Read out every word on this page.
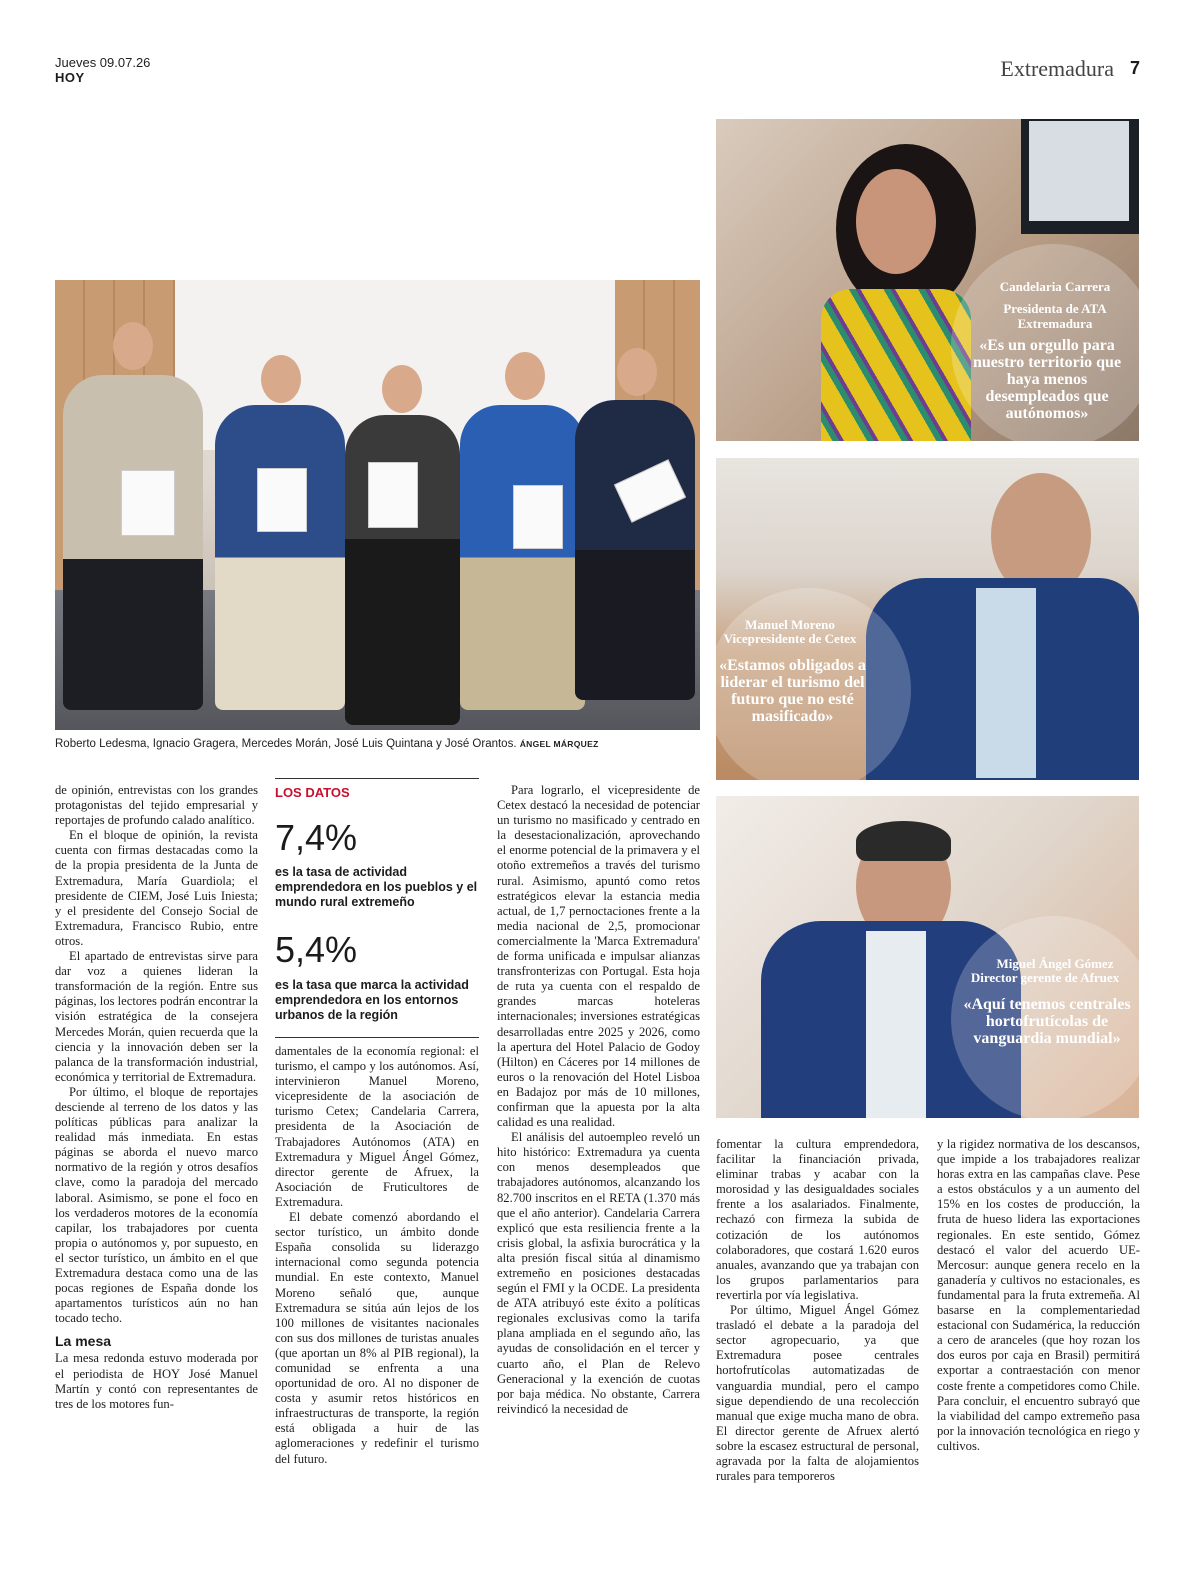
Jueves 09.07.26
HOY	Extremadura 7
Roberto Ledesma, Ignacio Gragera, Mercedes Morán, José Luis Quintana y José Orantos. ÁNGEL MÁRQUEZ
Candelaria Carrera
Presidenta de ATA Extremadura
«Es un orgullo para nuestro territorio que haya menos desempleados que autónomos»
Manuel Moreno
Vicepresidente de Cetex
«Estamos obligados a liderar el turismo del futuro que no esté masificado»
Miguel Ángel Gómez
Director gerente de Afruex
«Aquí tenemos centrales hortofrutícolas de vanguardia mundial»
LOS DATOS
7,4%
es la tasa de actividad emprendedora en los pueblos y el mundo rural extremeño
5,4%
es la tasa que marca la actividad emprendedora en los entornos urbanos de la región

de opinión, entrevistas con los grandes protagonistas del tejido empresarial y reportajes de profundo calado analítico.

En el bloque de opinión, la revista cuenta con firmas destacadas como la de la propia presidenta de la Junta de Extremadura, María Guardiola; el presidente de CIEM, José Luis Iniesta; y el presidente del Consejo Social de Extremadura, Francisco Rubio, entre otros.

El apartado de entrevistas sirve para dar voz a quienes lideran la transformación de la región. Entre sus páginas, los lectores podrán encontrar la visión estratégica de la consejera Mercedes Morán, quien recuerda que la ciencia y la innovación deben ser la palanca de la transformación industrial, económica y territorial de Extremadura.

Por último, el bloque de reportajes desciende al terreno de los datos y las políticas públicas para analizar la realidad más inmediata. En estas páginas se aborda el nuevo marco normativo de la región y otros desafíos clave, como la paradoja del mercado laboral. Asimismo, se pone el foco en los verdaderos motores de la economía capilar, los trabajadores por cuenta propia o autónomos y, por supuesto, en el sector turístico, un ámbito en el que Extremadura destaca como una de las pocas regiones de España donde los apartamentos turísticos aún no han tocado techo.

La mesa

La mesa redonda estuvo moderada por el periodista de HOY José Manuel Martín y contó con representantes de tres de los motores fun-

damentales de la economía regional: el turismo, el campo y los autónomos. Así, intervinieron Manuel Moreno, vicepresidente de la asociación de turismo Cetex; Candelaria Carrera, presidenta de la Asociación de Trabajadores Autónomos (ATA) en Extremadura y Miguel Ángel Gómez, director gerente de Afruex, la Asociación de Fruticultores de Extremadura.

El debate comenzó abordando el sector turístico, un ámbito donde España consolida su liderazgo internacional como segunda potencia mundial. En este contexto, Manuel Moreno señaló que, aunque Extremadura se sitúa aún lejos de los 100 millones de visitantes nacionales con sus dos millones de turistas anuales (que aportan un 8% al PIB regional), la comunidad se enfrenta a una oportunidad de oro. Al no disponer de costa y asumir retos históricos en infraestructuras de transporte, la región está obligada a huir de las aglomeraciones y redefinir el turismo del futuro.

Para lograrlo, el vicepresidente de Cetex destacó la necesidad de potenciar un turismo no masificado y centrado en la desestacionalización, aprovechando el enorme potencial de la primavera y el otoño extremeños a través del turismo rural. Asimismo, apuntó como retos estratégicos elevar la estancia media actual, de 1,7 pernoctaciones frente a la media nacional de 2,5, promocionar comercialmente la 'Marca Extremadura' de forma unificada e impulsar alianzas transfronterizas con Portugal. Esta hoja de ruta ya cuenta con el respaldo de grandes marcas hoteleras internacionales; inversiones estratégicas desarrolladas entre 2025 y 2026, como la apertura del Hotel Palacio de Godoy (Hilton) en Cáceres por 14 millones de euros o la renovación del Hotel Lisboa en Badajoz por más de 10 millones, confirman que la apuesta por la alta calidad es una realidad.

El análisis del autoempleo reveló un hito histórico: Extremadura ya cuenta con menos desempleados que trabajadores autónomos, alcanzando los 82.700 inscritos en el RETA (1.370 más que el año anterior). Candelaria Carrera explicó que esta resiliencia frente a la crisis global, la asfixia burocrática y la alta presión fiscal sitúa al dinamismo extremeño en posiciones destacadas según el FMI y la OCDE. La presidenta de ATA atribuyó este éxito a políticas regionales exclusivas como la tarifa plana ampliada en el segundo año, las ayudas de consolidación en el tercer y cuarto año, el Plan de Relevo Generacional y la exención de cuotas por baja médica. No obstante, Carrera reivindicó la necesidad de

fomentar la cultura emprendedora, facilitar la financiación privada, eliminar trabas y acabar con la morosidad y las desigualdades sociales frente a los asalariados. Finalmente, rechazó con firmeza la subida de cotización de los autónomos colaboradores, que costará 1.620 euros anuales, avanzando que ya trabajan con los grupos parlamentarios para revertirla por vía legislativa.

Por último, Miguel Ángel Gómez trasladó el debate a la paradoja del sector agropecuario, ya que Extremadura posee centrales hortofrutícolas automatizadas de vanguardia mundial, pero el campo sigue dependiendo de una recolección manual que exige mucha mano de obra. El director gerente de Afruex alertó sobre la escasez estructural de personal, agravada por la falta de alojamientos rurales para temporeros

y la rigidez normativa de los descansos, que impide a los trabajadores realizar horas extra en las campañas clave. Pese a estos obstáculos y a un aumento del 15% en los costes de producción, la fruta de hueso lidera las exportaciones regionales. En este sentido, Gómez destacó el valor del acuerdo UE-Mercosur: aunque genera recelo en la ganadería y cultivos no estacionales, es fundamental para la fruta extremeña. Al basarse en la complementariedad estacional con Sudamérica, la reducción a cero de aranceles (que hoy rozan los dos euros por caja en Brasil) permitirá exportar a contraestación con menor coste frente a competidores como Chile. Para concluir, el encuentro subrayó que la viabilidad del campo extremeño pasa por la innovación tecnológica en riego y cultivos.
